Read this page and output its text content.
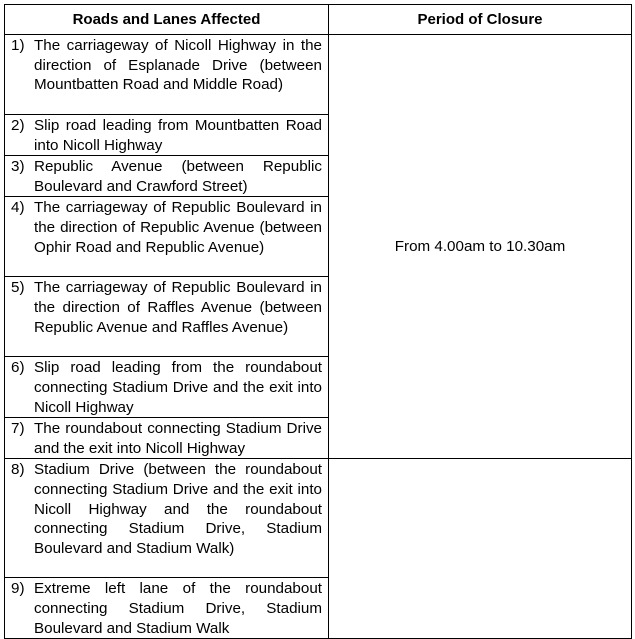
Roads and Lanes Affected	Period of Closure

1) The carriageway of Nicoll Highway in the direction of Esplanade Drive (between Mountbatten Road and Middle Road)	From 4.00am to 10.30am

2) Slip road leading from Mountbatten Road into Nicoll Highway	

3) Republic Avenue (between Republic Boulevard and Crawford Street)	

4) The carriageway of Republic Boulevard in the direction of Republic Avenue (between Ophir Road and Republic Avenue)	

5) The carriageway of Republic Boulevard in the direction of Raffles Avenue (between Republic Avenue and Raffles Avenue)	

6) Slip road leading from the roundabout connecting Stadium Drive and the exit into Nicoll Highway	

7) The roundabout connecting Stadium Drive and the exit into Nicoll Highway	

8) Stadium Drive (between the roundabout connecting Stadium Drive and the exit into Nicoll Highway and the roundabout connecting Stadium Drive, Stadium Boulevard and Stadium Walk)	

9) Extreme left lane of the roundabout connecting Stadium Drive, Stadium Boulevard and Stadium Walk	
